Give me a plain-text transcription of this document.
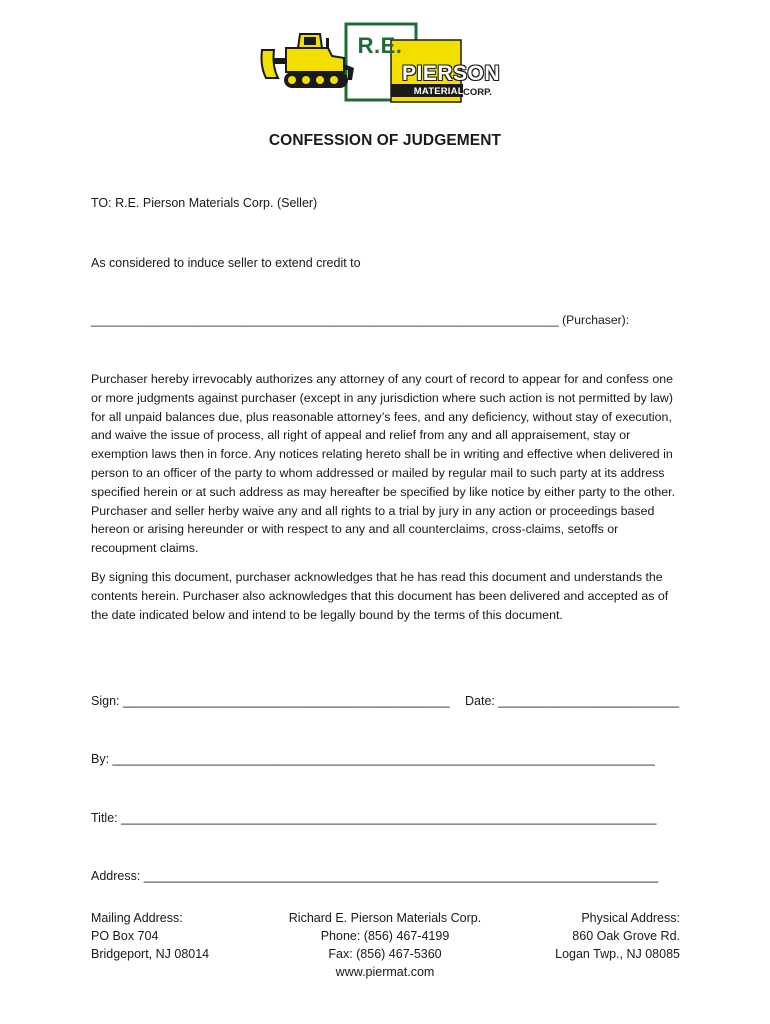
R.E.
PIERSON
MATERIALS
CORP.
CONFESSION OF JUDGEMENT
TO: R.E. Pierson Materials Corp. (Seller)
As considered to induce seller to extend credit to
_____________________________________________________________________ (Purchaser):

Purchaser hereby irrevocably authorizes any attorney of any court of record to appear for and confess one or more judgments against purchaser (except in any jurisdiction where such action is not permitted by law) for all unpaid balances due, plus reasonable attorney’s fees, and any deficiency, without stay of execution, and waive the issue of process, all right of appeal and relief from any and all appraisement, stay or exemption laws then in force. Any notices relating hereto shall be in writing and effective when delivered in person to an officer of the party to whom addressed or mailed by regular mail to such party at its address specified herein or at such address as may hereafter be specified by like notice by either party to the other. Purchaser and seller herby waive any and all rights to a trial by jury in any action or proceedings based hereon or arising hereunder or with respect to any and all counterclaims, cross-claims, setoffs or recoupment claims.

By signing this document, purchaser acknowledges that he has read this document and understands the contents herein. Purchaser also acknowledges that this document has been delivered and accepted as of the date indicated below and intend to be legally bound by the terms of this document.

Sign: _______________________________________________ Date: __________________________
By: ______________________________________________________________________________
Title: _____________________________________________________________________________
Address: __________________________________________________________________________
Mailing Address:
PO Box 704
Bridgeport, NJ 08014
Richard E. Pierson Materials Corp.
Phone: (856) 467-4199
Fax: (856) 467-5360
www.piermat.com
Physical Address:
860 Oak Grove Rd.
Logan Twp., NJ 08085
